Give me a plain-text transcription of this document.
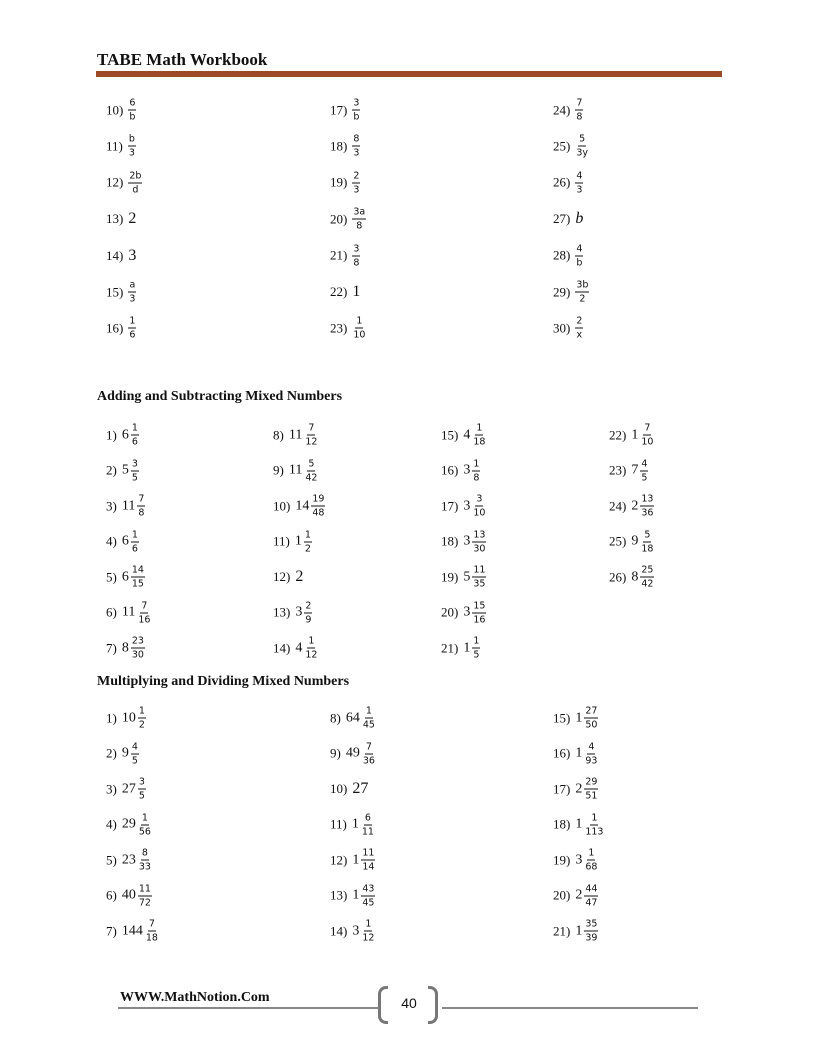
TABE Math Workbook
$10) \frac{6}{b}$
$11) \frac{b}{3}$
$12) \frac{2b}{d}$
13) 2
14) 3
$15) \frac{a}{3}$
$16) \frac{1}{6}$
$17) \frac{3}{b}$
$18) \frac{8}{3}$
$19) \frac{2}{3}$
$20) \frac{3a}{8}$
$21) \frac{3}{8}$
22) 1
$23) \frac{1}{10}$
$24) \frac{7}{8}$
$25) \frac{5}{3y}$
$26) \frac{4}{3}$
27) b
$28) \frac{4}{b}$
$29) \frac{3b}{2}$
$30) \frac{2}{x}$
Adding and Subtracting Mixed Numbers
1) $6 \frac{1}{6}$
2) $5 \frac{3}{5}$
3) $11 \frac{7}{8}$
4) $6 \frac{1}{6}$
5) $6 \frac{14}{15}$
6) $11 \frac{7}{16}$
7) $8 \frac{23}{30}$
8) $11 \frac{7}{12}$
9) $11 \frac{5}{42}$
10) $14 \frac{19}{48}$
11) $1 \frac{1}{2}$
12) 2
13) $3 \frac{2}{9}$
14) $4 \frac{1}{12}$
15) $4 \frac{1}{18}$
16) $3 \frac{1}{8}$
17) $3 \frac{3}{10}$
18) $3 \frac{13}{30}$
19) $5 \frac{11}{35}$
20) $3 \frac{15}{16}$
21) $1 \frac{1}{5}$
22) $1 \frac{7}{10}$
23) $7 \frac{4}{5}$
24) $2 \frac{13}{36}$
25) $9 \frac{5}{18}$
26) $8 \frac{25}{42}$
Multiplying and Dividing Mixed Numbers
1) $10 \frac{1}{2}$
2) $9 \frac{4}{5}$
3) $27 \frac{3}{5}$
4) $29 \frac{1}{56}$
5) $23 \frac{8}{33}$
6) $40 \frac{11}{72}$
7) $144 \frac{7}{18}$
8) $64 \frac{1}{45}$
9) $49 \frac{7}{36}$
10) 27
11) $1 \frac{6}{11}$
12) $1 \frac{11}{14}$
13) $1 \frac{43}{45}$
14) $3 \frac{1}{12}$
15) $1 \frac{27}{50}$
16) $1 \frac{4}{93}$
17) $2 \frac{29}{51}$
18) $1 \frac{1}{113}$
19) $3 \frac{1}{68}$
20) $2 \frac{44}{47}$
21) $1 \frac{35}{39}$
WWW.MathNotion.Com	40
